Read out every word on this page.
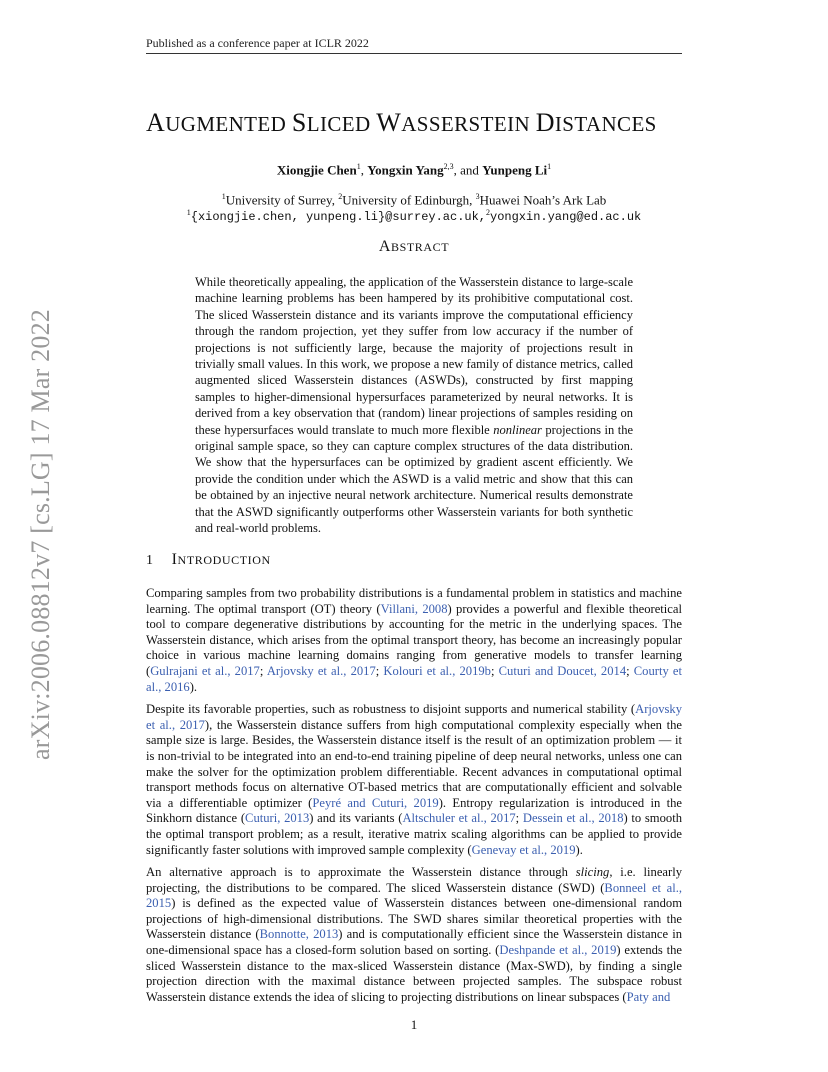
Published as a conference paper at ICLR 2022
arXiv:2006.08812v7 [cs.LG] 17 Mar 2022
AUGMENTED SLICED WASSERSTEIN DISTANCES
Xiongjie Chen$^1$, Yongxin Yang$^{2,3}$, and Yunpeng Li$^1$
$^1$University of Surrey, $^2$University of Edinburgh, $^3$Huawei Noah’s Ark Lab
$^1${xiongjie.chen, yunpeng.li}@surrey.ac.uk,$^2$yongxin.yang@ed.ac.uk
ABSTRACT
While theoretically appealing, the application of the Wasserstein distance to large-scale machine learning problems has been hampered by its prohibitive computational cost. The sliced Wasserstein distance and its variants improve the computational efficiency through the random projection, yet they suffer from low accuracy if the number of projections is not sufficiently large, because the majority of projections result in trivially small values. In this work, we propose a new family of distance metrics, called augmented sliced Wasserstein distances (ASWDs), constructed by first mapping samples to higher-dimensional hypersurfaces parameterized by neural networks. It is derived from a key observation that (random) linear projections of samples residing on these hypersurfaces would translate to much more flexible nonlinear projections in the original sample space, so they can capture complex structures of the data distribution. We show that the hypersurfaces can be optimized by gradient ascent efficiently. We provide the condition under which the ASWD is a valid metric and show that this can be obtained by an injective neural network architecture. Numerical results demonstrate that the ASWD significantly outperforms other Wasserstein variants for both synthetic and real-world problems.
1 INTRODUCTION

Comparing samples from two probability distributions is a fundamental problem in statistics and machine learning. The optimal transport (OT) theory (Villani, 2008) provides a powerful and flexible theoretical tool to compare degenerative distributions by accounting for the metric in the underlying spaces. The Wasserstein distance, which arises from the optimal transport theory, has become an increasingly popular choice in various machine learning domains ranging from generative models to transfer learning (Gulrajani et al., 2017; Arjovsky et al., 2017; Kolouri et al., 2019b; Cuturi and Doucet, 2014; Courty et al., 2016).

Despite its favorable properties, such as robustness to disjoint supports and numerical stability (Arjovsky et al., 2017), the Wasserstein distance suffers from high computational complexity especially when the sample size is large. Besides, the Wasserstein distance itself is the result of an optimization problem — it is non-trivial to be integrated into an end-to-end training pipeline of deep neural networks, unless one can make the solver for the optimization problem differentiable. Recent advances in computational optimal transport methods focus on alternative OT-based metrics that are computationally efficient and solvable via a differentiable optimizer (Peyré and Cuturi, 2019). Entropy regularization is introduced in the Sinkhorn distance (Cuturi, 2013) and its variants (Altschuler et al., 2017; Dessein et al., 2018) to smooth the optimal transport problem; as a result, iterative matrix scaling algorithms can be applied to provide significantly faster solutions with improved sample complexity (Genevay et al., 2019).

An alternative approach is to approximate the Wasserstein distance through slicing, i.e. linearly projecting, the distributions to be compared. The sliced Wasserstein distance (SWD) (Bonneel et al., 2015) is defined as the expected value of Wasserstein distances between one-dimensional random projections of high-dimensional distributions. The SWD shares similar theoretical properties with the Wasserstein distance (Bonnotte, 2013) and is computationally efficient since the Wasserstein distance in one-dimensional space has a closed-form solution based on sorting. (Deshpande et al., 2019) extends the sliced Wasserstein distance to the max-sliced Wasserstein distance (Max-SWD), by finding a single projection direction with the maximal distance between projected samples. The subspace robust Wasserstein distance extends the idea of slicing to projecting distributions on linear subspaces (Paty and

1
